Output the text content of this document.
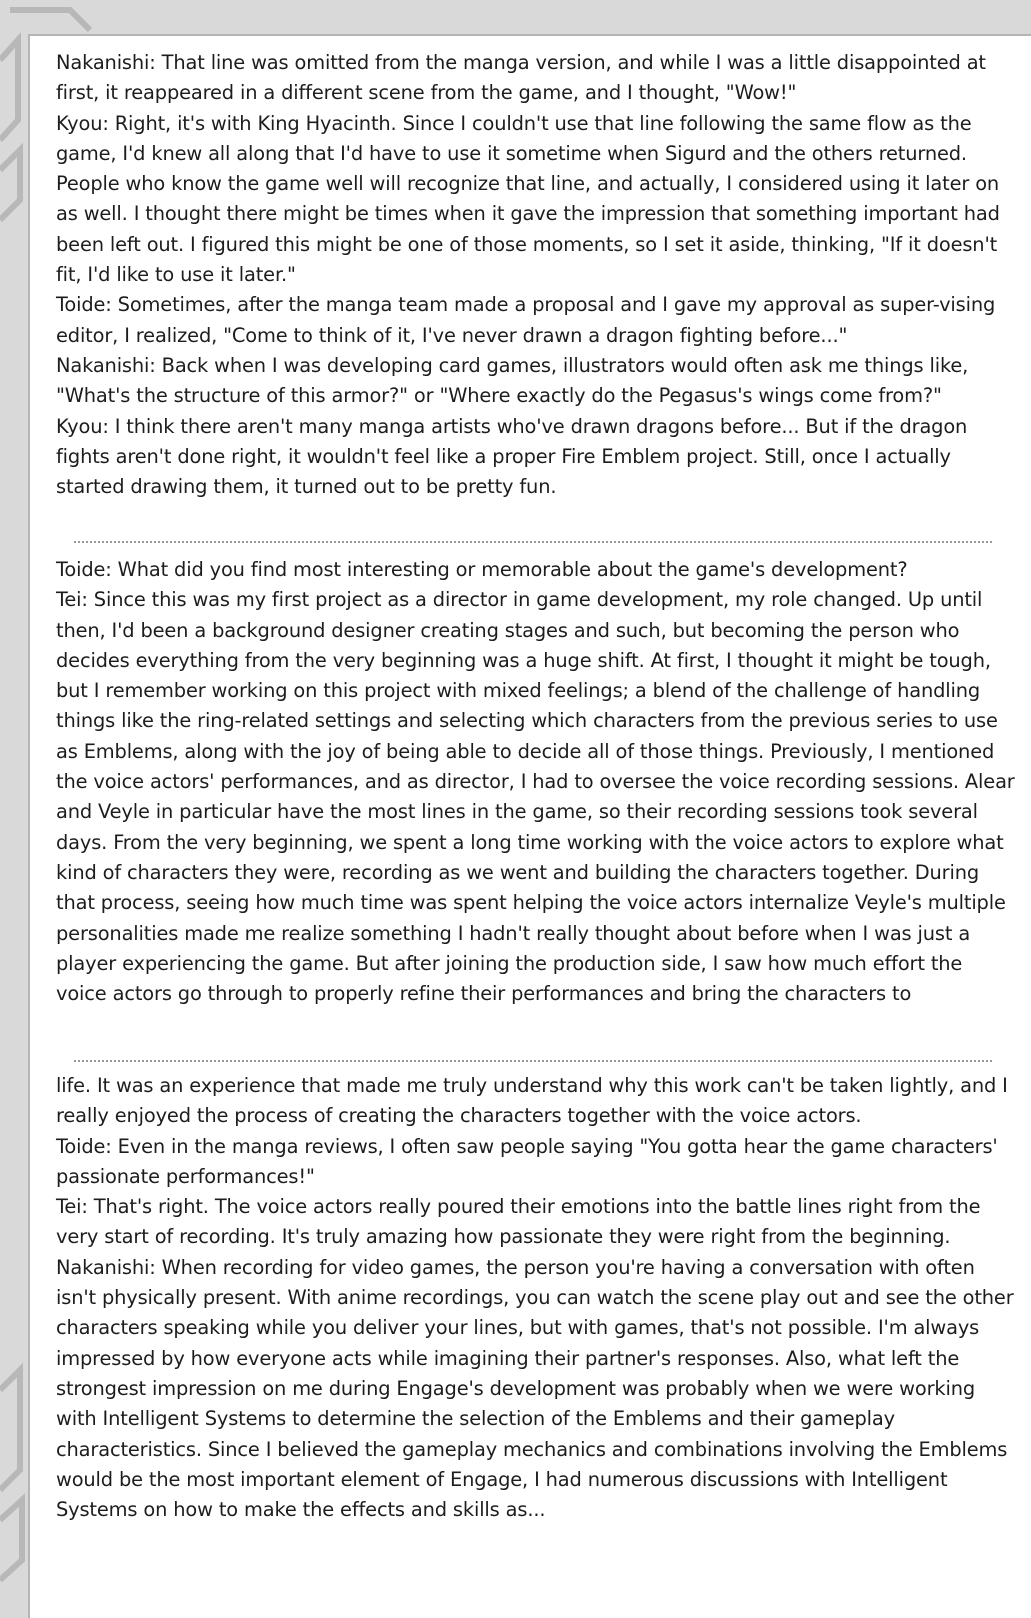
Nakanishi: That line was omitted from the manga version, and while I was a little disappointed at first, it reappeared in a different scene from the game, and I thought, "Wow!"

Kyou: Right, it's with King Hyacinth. Since I couldn't use that line following the same flow as the game, I'd knew all along that I'd have to use it sometime when Sigurd and the others returned. People who know the game well will recognize that line, and actually, I considered using it later on as well. I thought there might be times when it gave the impression that something important had been left out. I figured this might be one of those moments, so I set it aside, thinking, "If it doesn't fit, I'd like to use it later."

Toide: Sometimes, after the manga team made a proposal and I gave my approval as super-vising editor, I realized, "Come to think of it, I've never drawn a dragon fighting before..."

Nakanishi: Back when I was developing card games, illustrators would often ask me things like, "What's the structure of this armor?" or "Where exactly do the Pegasus's wings come from?"

Kyou: I think there aren't many manga artists who've drawn dragons before... But if the dragon fights aren't done right, it wouldn't feel like a proper Fire Emblem project. Still, once I actually started drawing them, it turned out to be pretty fun.

Toide: What did you find most interesting or memorable about the game's development?

Tei: Since this was my first project as a director in game development, my role changed. Up until then, I'd been a background designer creating stages and such, but becoming the person who decides everything from the very beginning was a huge shift. At first, I thought it might be tough, but I remember working on this project with mixed feelings; a blend of the challenge of handling things like the ring-related settings and selecting which characters from the previous series to use as Emblems, along with the joy of being able to decide all of those things. Previously, I mentioned the voice actors' performances, and as director, I had to oversee the voice recording sessions. Alear and Veyle in particular have the most lines in the game, so their recording sessions took several days. From the very beginning, we spent a long time working with the voice actors to explore what kind of characters they were, recording as we went and building the characters together. During that process, seeing how much time was spent helping the voice actors internalize Veyle's multiple personalities made me realize something I hadn't really thought about before when I was just a player experiencing the game. But after joining the production side, I saw how much effort the voice actors go through to properly refine their performances and bring the characters to

life. It was an experience that made me truly understand why this work can't be taken lightly, and I really enjoyed the process of creating the characters together with the voice actors.

Toide: Even in the manga reviews, I often saw people saying "You gotta hear the game characters' passionate performances!"

Tei: That's right. The voice actors really poured their emotions into the battle lines right from the very start of recording. It's truly amazing how passionate they were right from the beginning.

Nakanishi: When recording for video games, the person you're having a conversation with often isn't physically present. With anime recordings, you can watch the scene play out and see the other characters speaking while you deliver your lines, but with games, that's not possible. I'm always impressed by how everyone acts while imagining their partner's responses. Also, what left the strongest impression on me during Engage's development was probably when we were working with Intelligent Systems to determine the selection of the Emblems and their gameplay characteristics. Since I believed the gameplay mechanics and combinations involving the Emblems would be the most important element of Engage, I had numerous discussions with Intelligent Systems on how to make the effects and skills as...
